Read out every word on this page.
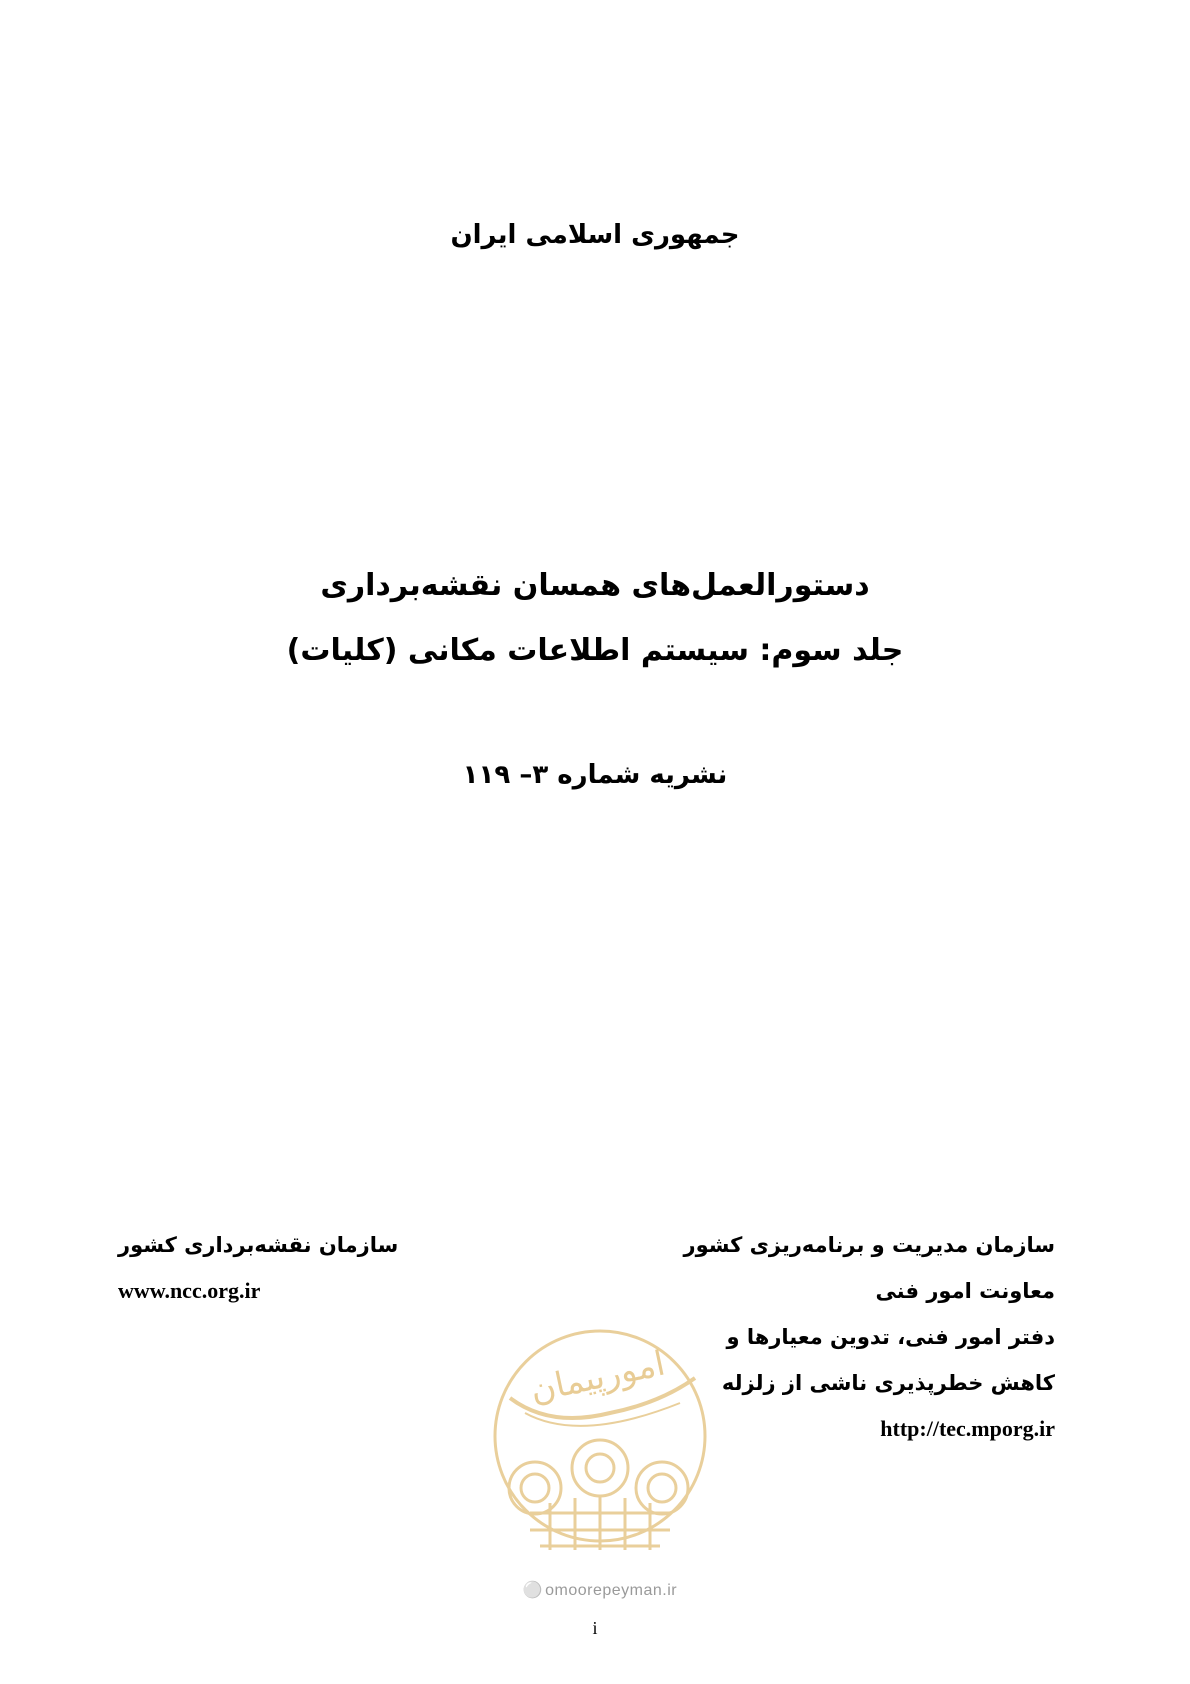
جمهوری اسلامی ایران
دستورالعمل‌های همسان نقشه‌برداری
جلد سوم: سیستم اطلاعات مکانی (کلیات)
نشریه شماره ۳– ۱۱۹
سازمان مدیریت و برنامه‌ریزی کشور
معاونت امور فنی
دفتر امور فنی، تدوین معیارها و
کاهش خطرپذیری ناشی از زلزله
http://tec.mporg.ir
سازمان نقشه‌برداری کشور
www.ncc.org.ir
امورپیمان
⚪ omoorepeyman.ir
i
